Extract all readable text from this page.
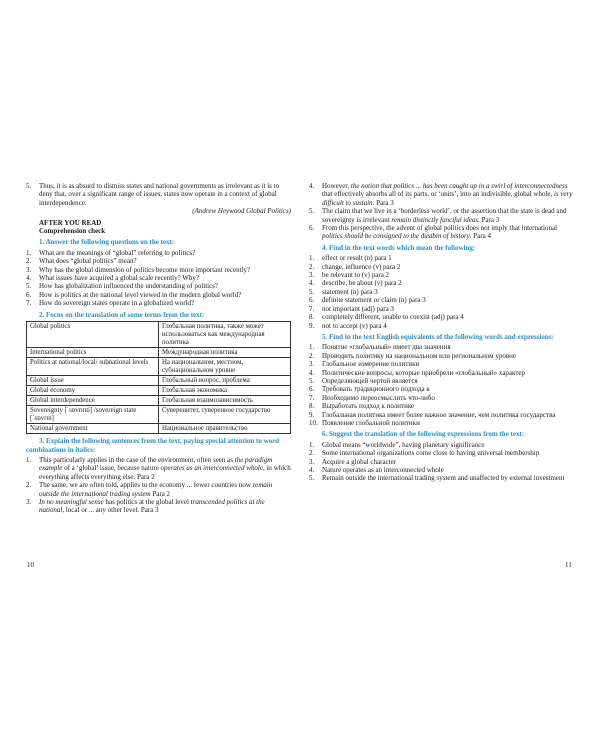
5.	Thus, it is as absurd to dismiss states and national governments as irrelevant as it is to deny that, over a significant range of issues, states now operate in a context of global interdependence.
(Andrew Heywood Global Politics)
AFTER YOU READ
Comprehension check
1. Answer the following questions on the text:
1.	What are the meanings of “global” referring to politics?
2.	What does “global politics” mean?
3.	Why has the global dimension of politics become more important recently?
4.	What issues have acquired a global scale recently? Why?
5.	How has globalization influenced the understanding of politics?
6.	How is politics at the national level viewed in the modern global world?
7.	How do sovereign states operate in a globalized world?
2. Focus on the translation of some terms from the text:
Global politics	Глобальная политика, также может использоваться как международная политика
International politics	Международная политика
Politics at national/local/ subnational levels	На национальном, местном, субнациональном уровне
Global issue	Глобальный вопрос, проблема
Global economy	Глобальная экономика
Global interdependence	Глобальная взаимозависимость
Sovereignty [ˈsɒvrɪnti] /sovereign state [ˈsɒvrɪn]	Суверенитет, суверенное государство
National government	Национальное правительство
3. Explain the following sentences from the text, paying special attention to word combinations in italics:
1.	This particularly applies in the case of the environment, often seen as the paradigm example of a ‘global’ issue, because nature operates as an interconnected whole, in which everything affects everything else. Para 2
2.	The same, we are often told, applies to the economy ... fewer countries now remain outside the international trading system Para 2
3.	In no meaningful sense has politics at the global level transcended politics at the national, local or ... any other level. Para 3
10
4.	However, the notion that politics ... has been caught up in a swirl of interconnectedness that effectively absorbs all of its parts, or ‘units’, into an indivisible, global whole, is very difficult to sustain. Para 3
5.	The claim that we live in a ‘borderless world’, or the assertion that the state is dead and sovereignty is irrelevant remain distinctly fanciful ideas. Para 3
6.	From this perspective, the advent of global politics does not imply that international politics should be consigned to the dustbin of history. Para 4
4. Find in the text words which mean the following:
1.	effect or result (n) para 1
2.	change, influence (v) para 2
3.	be relevant to (v) para 2
4.	describe, be about (v) para 2
5.	statement (n) para 3
6.	definite statement or claim (n) para 3
7.	not important (adj) para 3
8.	completely different, unable to coexist (adj) para 4
9.	not to accept (v) para 4
5. Find in the text English equivalents of the following words and expressions:
1.	Понятие «глобальный» имеет два значения
2.	Проводить политику на национальном или региональном уровне
3.	Глобальное измерение политики
4.	Политические вопросы, которые приобрели «глобальный» характер
5.	Определяющей чертой является
6.	Требовать традиционного подхода к
7.	Необходимо переосмыслить что-либо
8.	Выработать подход к политике
9.	Глобальная политика имеет более важное значение, чем политика государства
10. Появление глобальной политики
6. Suggest the translation of the following expressions from the text:
1.	Global means “worldwide”, having planetary significance
2.	Some international organizations come close to having universal membership
3.	Acquire a global character
4.	Nature operates as an interconnected whole
5.	Remain outside the international trading system and unaffected by external investment
11
